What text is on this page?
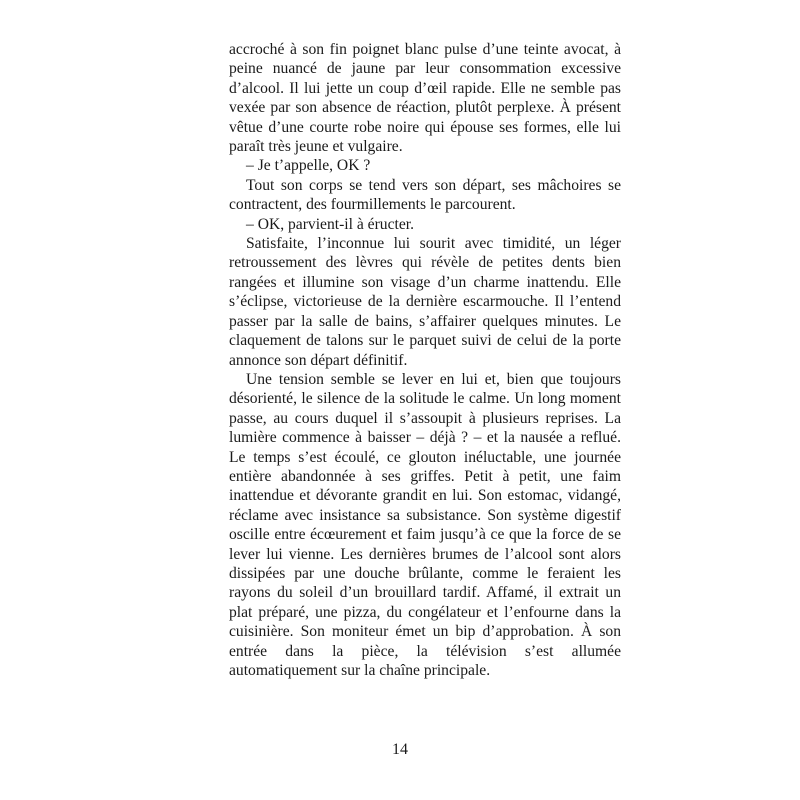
accroché à son fin poignet blanc pulse d’une teinte avocat, à peine nuancé de jaune par leur consommation excessive d’alcool. Il lui jette un coup d’œil rapide. Elle ne semble pas vexée par son absence de réaction, plutôt perplexe. À présent vêtue d’une courte robe noire qui épouse ses formes, elle lui paraît très jeune et vulgaire.

– Je t’appelle, OK ?

Tout son corps se tend vers son départ, ses mâchoires se contractent, des fourmillements le parcourent.

– OK, parvient-il à éructer.

Satisfaite, l’inconnue lui sourit avec timidité, un léger retroussement des lèvres qui révèle de petites dents bien rangées et illumine son visage d’un charme inattendu. Elle s’éclipse, victorieuse de la dernière escarmouche. Il l’entend passer par la salle de bains, s’affairer quelques minutes. Le claquement de talons sur le parquet suivi de celui de la porte annonce son départ définitif.

Une tension semble se lever en lui et, bien que toujours désorienté, le silence de la solitude le calme. Un long moment passe, au cours duquel il s’assoupit à plusieurs reprises. La lumière commence à baisser – déjà ? – et la nausée a reflué. Le temps s’est écoulé, ce glouton inéluctable, une journée entière abandonnée à ses griffes. Petit à petit, une faim inattendue et dévorante grandit en lui. Son estomac, vidangé, réclame avec insistance sa subsistance. Son système digestif oscille entre écœurement et faim jusqu’à ce que la force de se lever lui vienne. Les dernières brumes de l’alcool sont alors dissipées par une douche brûlante, comme le feraient les rayons du soleil d’un brouillard tardif. Affamé, il extrait un plat préparé, une pizza, du congélateur et l’enfourne dans la cuisinière. Son moniteur émet un bip d’approbation. À son entrée dans la pièce, la télévision s’est allumée automatiquement sur la chaîne principale.

14
